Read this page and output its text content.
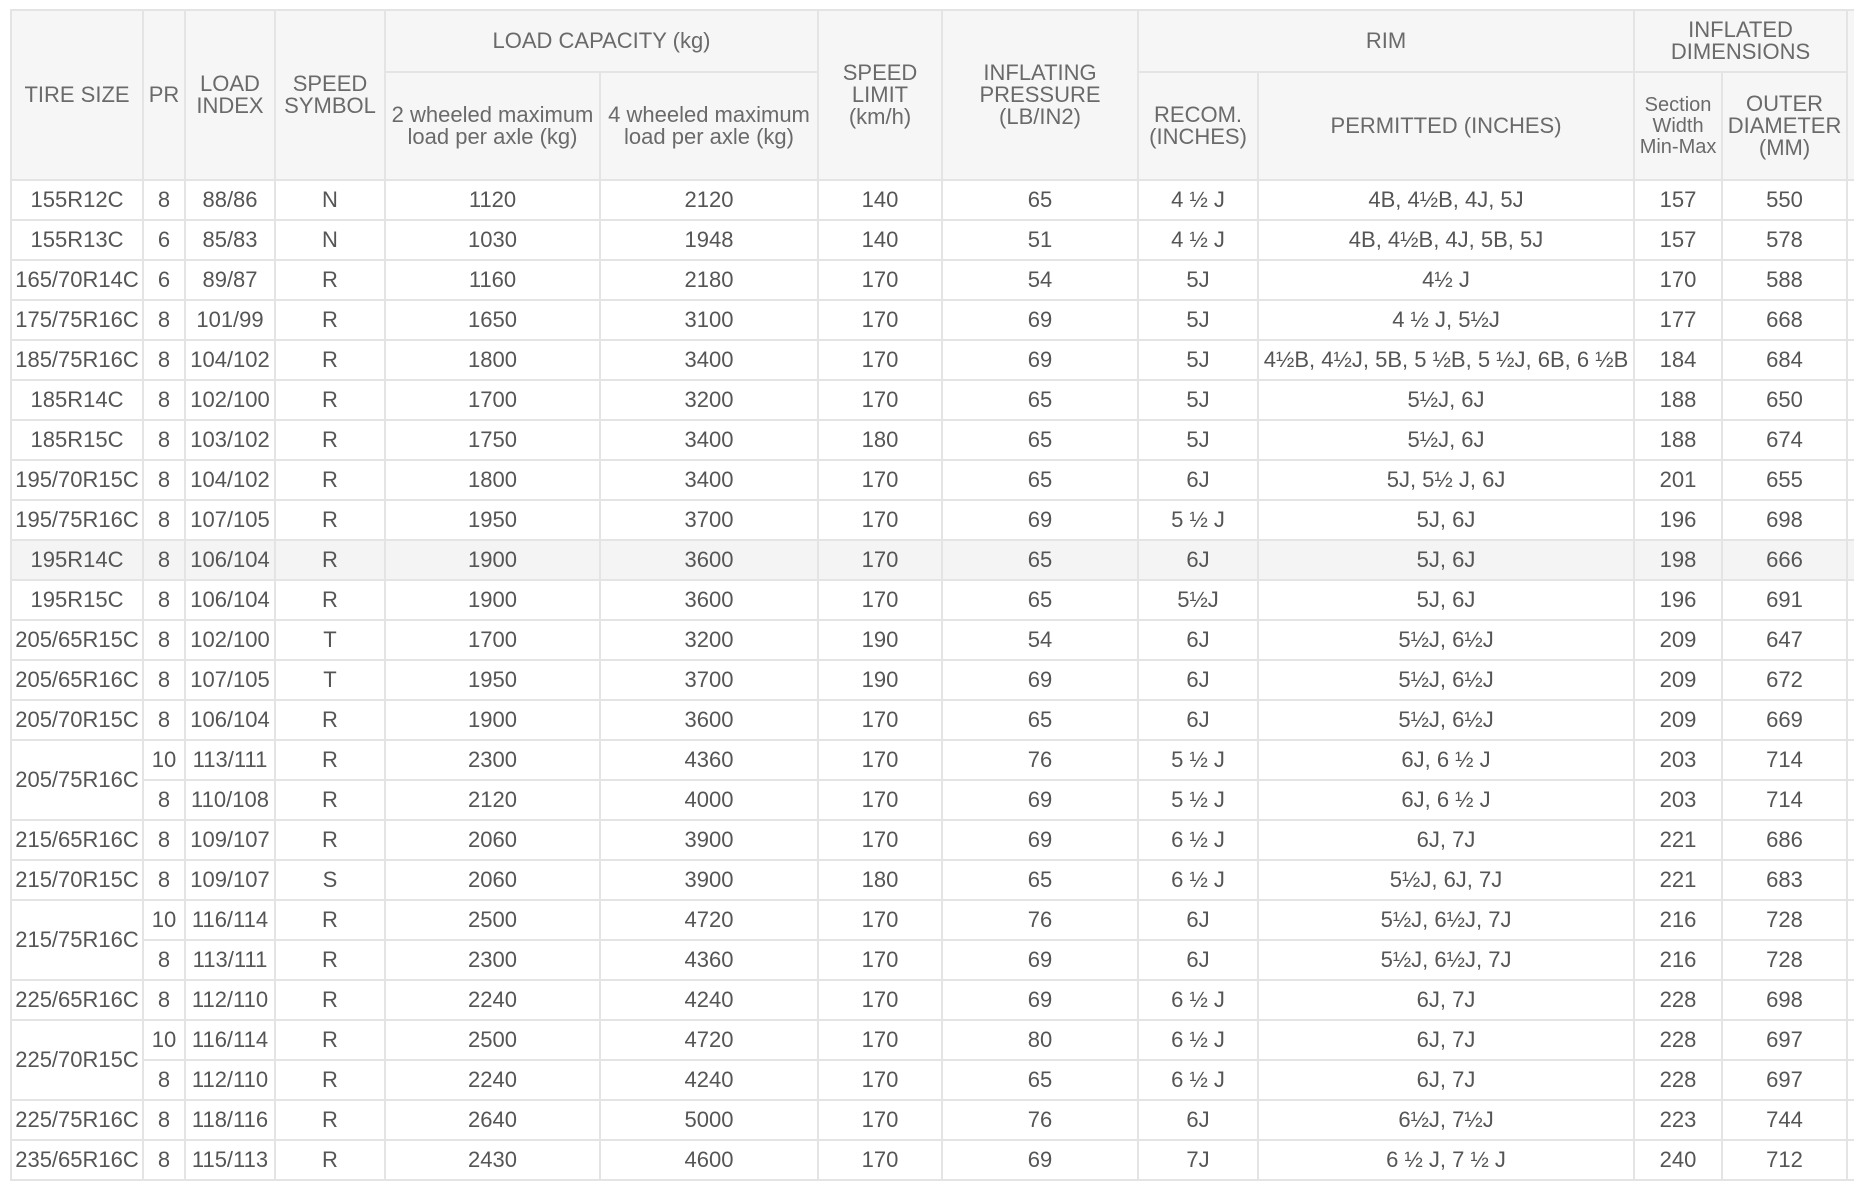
TIRE SIZE	PR	LOAD INDEX	SPEED SYMBOL	LOAD CAPACITY (kg)		SPEED LIMIT (km/h)	INFLATING PRESSURE (LB/IN2)	RIM		INFLATED DIMENSIONS		
				2 wheeled maximum load per axle (kg)	4 wheeled maximum load per axle (kg)			RECOM. (INCHES)	PERMITTED (INCHES)	Section Width Min-Max	OUTER DIAMETER (MM)	
155R12C	8	88/86	N	1120	2120	140	65	4 ½ J	4B, 4½B, 4J, 5J	157	550	
155R13C	6	85/83	N	1030	1948	140	51	4 ½ J	4B, 4½B, 4J, 5B, 5J	157	578	
165/70R14C	6	89/87	R	1160	2180	170	54	5J	4½ J	170	588	
175/75R16C	8	101/99	R	1650	3100	170	69	5J	4 ½ J, 5½J	177	668	
185/75R16C	8	104/102	R	1800	3400	170	69	5J	4½B, 4½J, 5B, 5 ½B, 5 ½J, 6B, 6 ½B	184	684	
185R14C	8	102/100	R	1700	3200	170	65	5J	5½J, 6J	188	650	
185R15C	8	103/102	R	1750	3400	180	65	5J	5½J, 6J	188	674	
195/70R15C	8	104/102	R	1800	3400	170	65	6J	5J, 5½ J, 6J	201	655	
195/75R16C	8	107/105	R	1950	3700	170	69	5 ½ J	5J, 6J	196	698	
195R14C	8	106/104	R	1900	3600	170	65	6J	5J, 6J	198	666	
195R15C	8	106/104	R	1900	3600	170	65	5½J	5J, 6J	196	691	
205/65R15C	8	102/100	T	1700	3200	190	54	6J	5½J, 6½J	209	647	
205/65R16C	8	107/105	T	1950	3700	190	69	6J	5½J, 6½J	209	672	
205/70R15C	8	106/104	R	1900	3600	170	65	6J	5½J, 6½J	209	669	
205/75R16C	10	113/111	R	2300	4360	170	76	5 ½ J	6J, 6 ½ J	203	714	
	8	110/108	R	2120	4000	170	69	5 ½ J	6J, 6 ½ J	203	714	
215/65R16C	8	109/107	R	2060	3900	170	69	6 ½ J	6J, 7J	221	686	
215/70R15C	8	109/107	S	2060	3900	180	65	6 ½ J	5½J, 6J, 7J	221	683	
215/75R16C	10	116/114	R	2500	4720	170	76	6J	5½J, 6½J, 7J	216	728	
	8	113/111	R	2300	4360	170	69	6J	5½J, 6½J, 7J	216	728	
225/65R16C	8	112/110	R	2240	4240	170	69	6 ½ J	6J, 7J	228	698	
225/70R15C	10	116/114	R	2500	4720	170	80	6 ½ J	6J, 7J	228	697	
	8	112/110	R	2240	4240	170	65	6 ½ J	6J, 7J	228	697	
225/75R16C	8	118/116	R	2640	5000	170	76	6J	6½J, 7½J	223	744	
235/65R16C	8	115/113	R	2430	4600	170	69	7J	6 ½ J, 7 ½ J	240	712	
